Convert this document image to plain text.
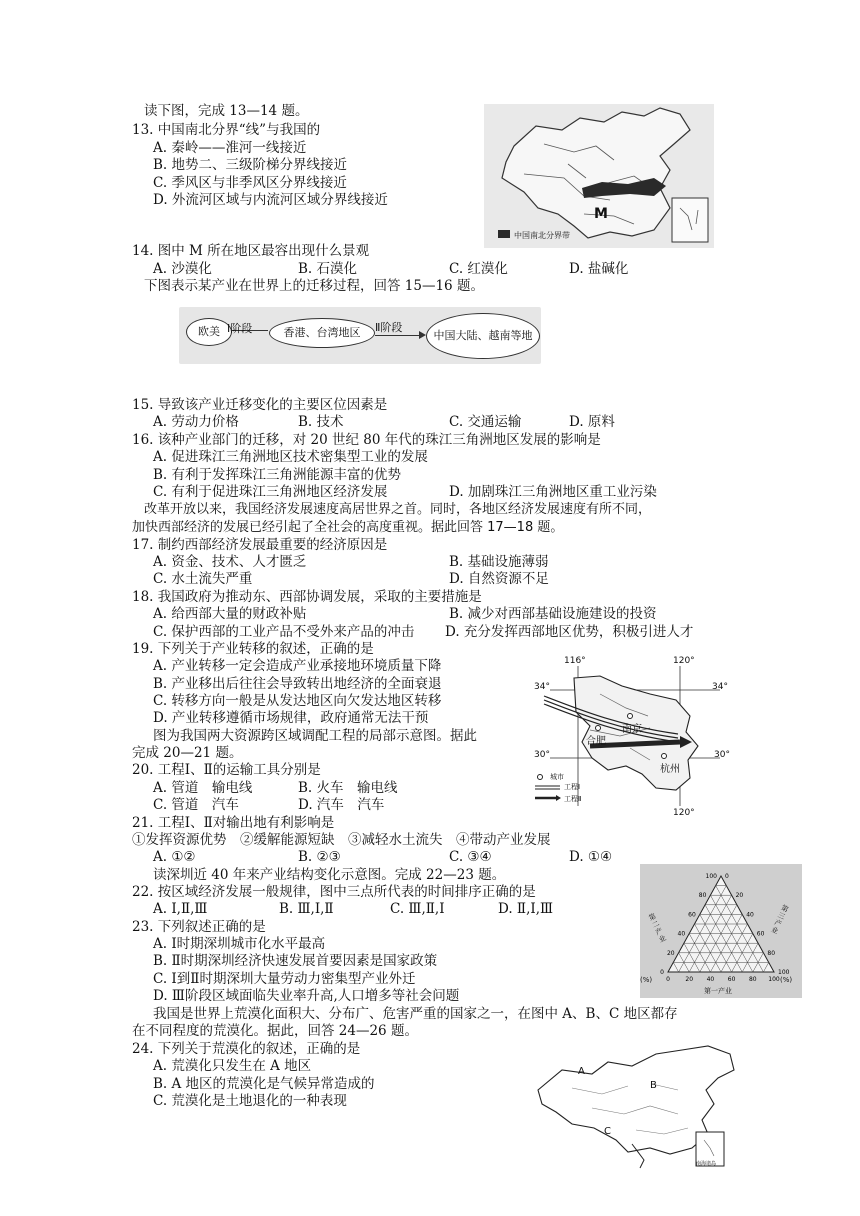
读下图，完成 13—14 题。
13. 中国南北分界“线”与我国的
A. 秦岭——淮河一线接近
B. 地势二、三级阶梯分界线接近
C. 季风区与非季风区分界线接近
D. 外流河区域与内流河区域分界线接近
M
中国南北分界带
14. 图中 M 所在地区最容出现什么景观
A. 沙漠化	B. 石漠化	C. 红漠化	D. 盐碱化
下图表示某产业在世界上的迁移过程，回答 15—16 题。
欧美 Ⅰ阶段	香港、台湾地区	Ⅱ阶段
中国大陆、越南等地
15. 导致该产业迁移变化的主要区位因素是
A. 劳动力价格	B. 技术	C. 交通运输	D. 原料
16. 该种产业部门的迁移，对 20 世纪 80 年代的珠江三角洲地区发展的影响是
A. 促进珠江三角洲地区技术密集型工业的发展
B. 有利于发挥珠江三角洲能源丰富的优势
C. 有利于促进珠江三角洲地区经济发展	D. 加剧珠江三角洲地区重工业污染
改革开放以来，我国经济发展速度高居世界之首。同时，各地区经济发展速度有所不同，
加快西部经济的发展已经引起了全社会的高度重视。据此回答 17—18 题。
17. 制约西部经济发展最重要的经济原因是
A. 资金、技术、人才匮乏	B. 基础设施薄弱
C. 水土流失严重	D. 自然资源不足
18. 我国政府为推动东、西部协调发展，采取的主要措施是
A. 给西部大量的财政补贴	B. 减少对西部基础设施建设的投资
C. 保护西部的工业产品不受外来产品的冲击 D. 充分发挥西部地区优势，积极引进人才
19. 下列关于产业转移的叙述，正确的是
A. 产业转移一定会造成产业承接地环境质量下降
B. 产业移出后往往会导致转出地经济的全面衰退
C. 转移方向一般是从发达地区向欠发达地区转移
D. 产业转移遵循市场规律，政府通常无法干预
图为我国两大资源跨区域调配工程的局部示意图。据此
完成 20—21 题。
116°	120°
120°
34°	34°
30°	30°
南京
合肥
杭州
城市
工程Ⅰ
工程Ⅱ
20. 工程Ⅰ、Ⅱ的运输工具分别是
A. 管道　输电线	B. 火车　输电线
C. 管道　汽车	D. 汽车　汽车
21. 工程Ⅰ、Ⅱ对输出地有利影响是
①发挥资源优势　②缓解能源短缺　③减轻水土流失　④带动产业发展
A. ①②	B. ②③	C. ③④	D. ①④
读深圳近 40 年来产业结构变化示意图。完成 22—23 题。
0
100 0
20
80	20
40
60	40
60
40	60
80
20	80
100
0	100
(%)	(%)
第一产业
第二产业
第三产业
22. 按区域经济发展一般规律，图中三点所代表的时间排序正确的是
A. Ⅰ,Ⅱ,Ⅲ	B. Ⅲ,Ⅰ,Ⅱ	C. Ⅲ,Ⅱ,Ⅰ	D. Ⅱ,Ⅰ,Ⅲ
23. 下列叙述正确的是
A. Ⅰ时期深圳城市化水平最高
B. Ⅱ时期深圳经济快速发展首要因素是国家政策
C. Ⅰ到Ⅱ时期深圳大量劳动力密集型产业外迁
D. Ⅲ阶段区域面临失业率升高,人口增多等社会问题
我国是世界上荒漠化面积大、分布广、危害严重的国家之一，在图中 A、B、C 地区都存
在不同程度的荒漠化。据此，回答 24—26 题。
24. 下列关于荒漠化的叙述，正确的是
A. 荒漠化只发生在 A 地区
B. A 地区的荒漠化是气候异常造成的
C. 荒漠化是土地退化的一种表现
A
B
C
南海诸岛
